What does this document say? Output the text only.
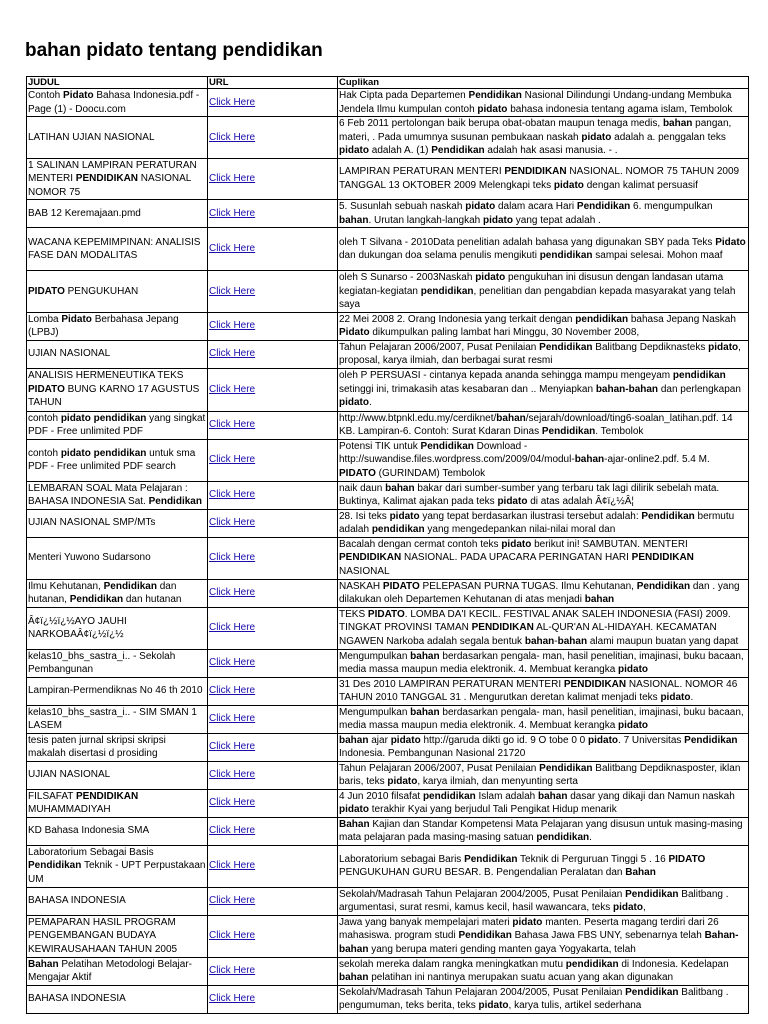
bahan pidato tentang pendidikan
JUDUL	URL	Cuplikan
Contoh Pidato Bahasa Indonesia.pdf - Page (1) - Doocu.com	Click Here	Hak Cipta pada Departemen Pendidikan Nasional Dilindungi Undang-undang Membuka Jendela Ilmu kumpulan contoh pidato bahasa indonesia tentang agama islam, Tembolok
LATIHAN UJIAN NASIONAL	Click Here	6 Feb 2011 pertolongan baik berupa obat-obatan maupun tenaga medis, bahan pangan, materi, . Pada umumnya susunan pembukaan naskah pidato adalah a. penggalan teks pidato adalah A. (1) Pendidikan adalah hak asasi manusia. - .
1 SALINAN LAMPIRAN PERATURAN MENTERI PENDIDIKAN NASIONAL NOMOR 75	Click Here	LAMPIRAN PERATURAN MENTERI PENDIDIKAN NASIONAL. NOMOR 75 TAHUN 2009 TANGGAL 13 OKTOBER 2009 Melengkapi teks pidato dengan kalimat persuasif
BAB 12 Keremajaan.pmd	Click Here	5. Susunlah sebuah naskah pidato dalam acara Hari Pendidikan 6. mengumpulkan bahan. Urutan langkah-langkah pidato yang tepat adalah .
WACANA KEPEMIMPINAN: ANALISIS FASE DAN MODALITAS	Click Here	oleh T Silvana - 2010Data penelitian adalah bahasa yang digunakan SBY pada Teks Pidato dan dukungan doa selama penulis mengikuti pendidikan sampai selesai. Mohon maaf
PIDATO PENGUKUHAN	Click Here	oleh S Sunarso - 2003Naskah pidato pengukuhan ini disusun dengan landasan utama kegiatan-kegiatan pendidikan, penelitian dan pengabdian kepada masyarakat yang telah saya
Lomba Pidato Berbahasa Jepang (LPBJ)	Click Here	22 Mei 2008 2. Orang Indonesia yang terkait dengan pendidikan bahasa Jepang Naskah Pidato dikumpulkan paling lambat hari Minggu, 30 November 2008,
UJIAN NASIONAL	Click Here	Tahun Pelajaran 2006/2007, Pusat Penilaian Pendidikan Balitbang Depdiknasteks pidato, proposal, karya ilmiah, dan berbagai surat resmi
ANALISIS HERMENEUTIKA TEKS PIDATO BUNG KARNO 17 AGUSTUS TAHUN	Click Here	oleh P PERSUASI - cintanya kepada ananda sehingga mampu mengeyam pendidikan setinggi ini, trimakasih atas kesabaran dan .. Menyiapkan bahan-bahan dan perlengkapan pidato.
contoh pidato pendidikan yang singkat PDF - Free unlimited PDF	Click Here	http://www.btpnkl.edu.my/cerdiknet/bahan/sejarah/download/ting6-soalan_latihan.pdf. 14 KB. Lampiran-6. Contoh: Surat Kdaran Dinas Pendidikan. Tembolok
contoh pidato pendidikan untuk sma PDF - Free unlimited PDF search	Click Here	Potensi TIK untuk Pendidikan Download - http://suwandise.files.wordpress.com/2009/04/modul-bahan-ajar-online2.pdf. 5.4 M. PIDATO (GURINDAM) Tembolok
LEMBARAN SOAL Mata Pelajaran : BAHASA INDONESIA Sat. Pendidikan	Click Here	naik daun bahan bakar dari sumber-sumber yang terbaru tak lagi dilirik sebelah mata. Buktinya, Kalimat ajakan pada teks pidato di atas adalah Â¢ï¿½Â¦
UJIAN NASIONAL SMP/MTs	Click Here	28. Isi teks pidato yang tepat berdasarkan ilustrasi tersebut adalah: Pendidikan bermutu adalah pendidikan yang mengedepankan nilai-nilai moral dan
Menteri Yuwono Sudarsono	Click Here	Bacalah dengan cermat contoh teks pidato berikut ini! SAMBUTAN. MENTERI PENDIDIKAN NASIONAL. PADA UPACARA PERINGATAN HARI PENDIDIKAN NASIONAL
Ilmu Kehutanan, Pendidikan dan hutanan, Pendidikan dan hutanan	Click Here	NASKAH PIDATO PELEPASAN PURNA TUGAS. Ilmu Kehutanan, Pendidikan dan . yang dilakukan oleh Departemen Kehutanan di atas menjadi bahan
Â¢ï¿½ï¿½AYO JAUHI NARKOBAÂ¢ï¿½ï¿½	Click Here	TEKS PIDATO. LOMBA DA'I KECIL. FESTIVAL ANAK SALEH INDONESIA (FASI) 2009. TINGKAT PROVINSI TAMAN PENDIDIKAN AL-QUR'AN AL-HIDAYAH. KECAMATAN NGAWEN Narkoba adalah segala bentuk bahan-bahan alami maupun buatan yang dapat
kelas10_bhs_sastra_i.. - Sekolah Pembangunan	Click Here	Mengumpulkan bahan berdasarkan pengala- man, hasil penelitian, imajinasi, buku bacaan, media massa maupun media elektronik. 4. Membuat kerangka pidato
Lampiran-Permendiknas No 46 th 2010	Click Here	31 Des 2010 LAMPIRAN PERATURAN MENTERI PENDIDIKAN NASIONAL. NOMOR 46 TAHUN 2010 TANGGAL 31 . Mengurutkan deretan kalimat menjadi teks pidato.
kelas10_bhs_sastra_i.. - SIM SMAN 1 LASEM	Click Here	Mengumpulkan bahan berdasarkan pengala- man, hasil penelitian, imajinasi, buku bacaan, media massa maupun media elektronik. 4. Membuat kerangka pidato
tesis paten jurnal skripsi skripsi makalah disertasi d prosiding	Click Here	bahan ajar pidato http://garuda dikti go id. 9 O tobe 0 0 pidato. 7 Universitas Pendidikan Indonesia. Pembangunan Nasional 21720
UJIAN NASIONAL	Click Here	Tahun Pelajaran 2006/2007, Pusat Penilaian Pendidikan Balitbang Depdiknasposter, iklan baris, teks pidato, karya ilmiah, dan menyunting serta
FILSAFAT PENDIDIKAN MUHAMMADIYAH	Click Here	4 Jun 2010 filsafat pendidikan Islam adalah bahan dasar yang dikaji dan Namun naskah pidato terakhir Kyai yang berjudul Tali Pengikat Hidup menarik
KD Bahasa Indonesia SMA	Click Here	Bahan Kajian dan Standar Kompetensi Mata Pelajaran yang disusun untuk masing-masing mata pelajaran pada masing-masing satuan pendidikan.
Laboratorium Sebagai Basis Pendidikan Teknik - UPT Perpustakaan UM	Click Here	Laboratorium sebagai Baris Pendidikan Teknik di Perguruan Tinggi 5 . 16 PIDATO PENGUKUHAN GURU BESAR. B. Pengendalian Peralatan dan Bahan
BAHASA INDONESIA	Click Here	Sekolah/Madrasah Tahun Pelajaran 2004/2005, Pusat Penilaian Pendidikan Balitbang . argumentasi, surat resmi, kamus kecil, hasil wawancara, teks pidato,
PEMAPARAN HASIL PROGRAM PENGEMBANGAN BUDAYA KEWIRAUSAHAAN TAHUN 2005	Click Here	Jawa yang banyak mempelajari materi pidato manten. Peserta magang terdiri dari 26 mahasiswa. program studi Pendidikan Bahasa Jawa FBS UNY, sebenarnya telah Bahan-bahan yang berupa materi gending manten gaya Yogyakarta, telah
Bahan Pelatihan Metodologi Belajar-Mengajar Aktif	Click Here	sekolah mereka dalam rangka meningkatkan mutu pendidikan di Indonesia. Kedelapan bahan pelatihan ini nantinya merupakan suatu acuan yang akan digunakan
BAHASA INDONESIA	Click Here	Sekolah/Madrasah Tahun Pelajaran 2004/2005, Pusat Penilaian Pendidikan Balitbang . pengumuman, teks berita, teks pidato, karya tulis, artikel sederhana
